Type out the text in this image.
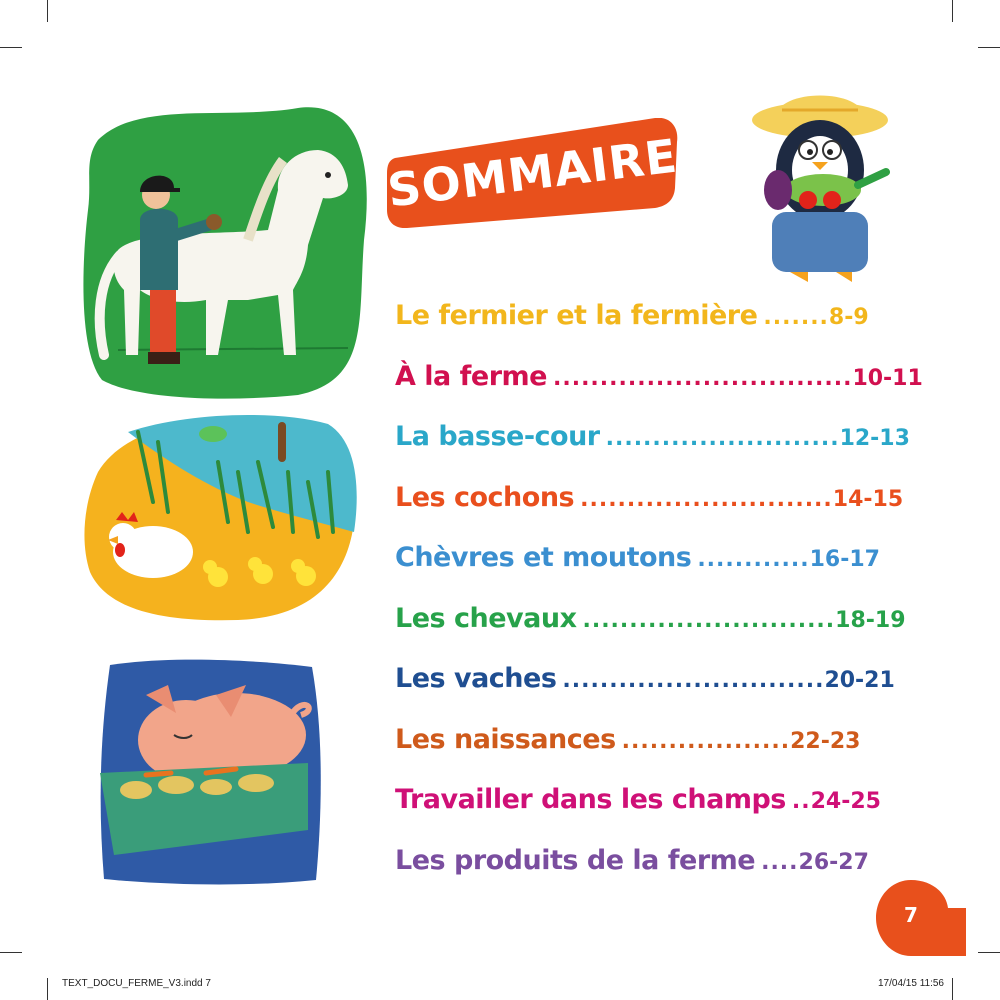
SOMMAIRE
Le fermier et la fermière ....... 8-9
À la ferme ................................ 10-11
La basse-cour ......................... 12-13
Les cochons ........................... 14-15
Chèvres et moutons ............ 16-17
Les chevaux ........................... 18-19
Les vaches ............................ 20-21
Les naissances .................. 22-23
Travailler dans les champs .. 24-25
Les produits de la ferme .... 26-27
7
TEXT_DOCU_FERME_V3.indd 7	17/04/15 11:56
